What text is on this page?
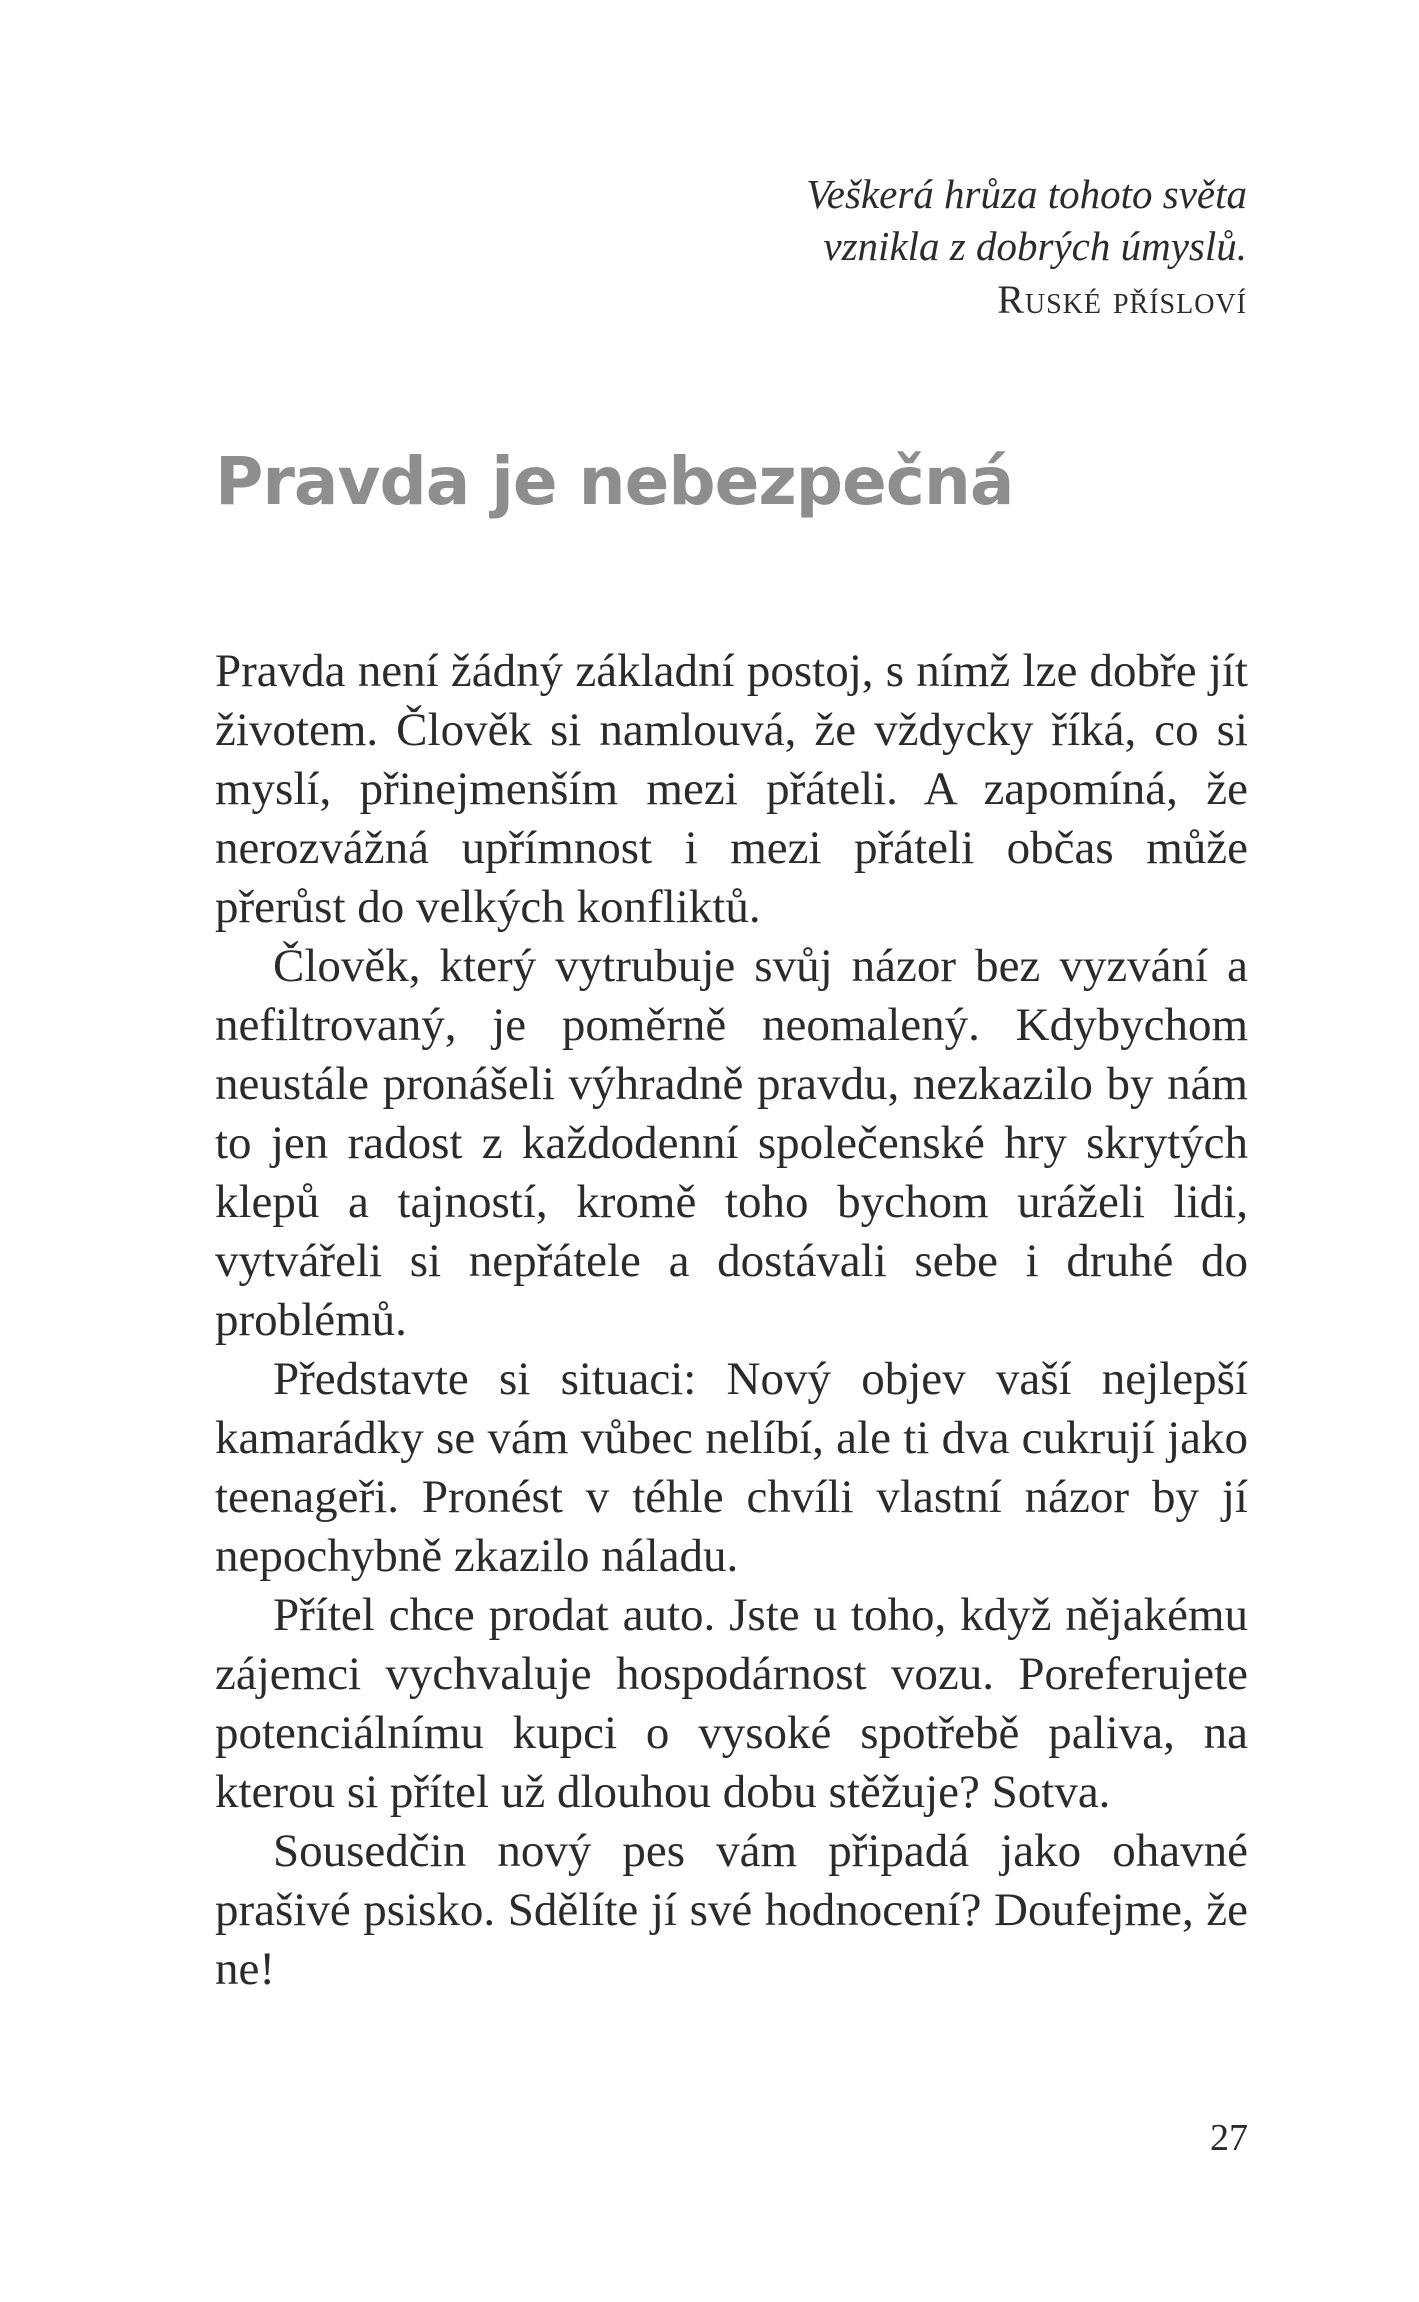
Veškerá hrůza tohoto světa
vznikla z dobrých úmyslů.
Ruské přísloví
Pravda je nebezpečná

Pravda není žádný základní postoj, s nímž lze dobře jít životem. Člověk si namlouvá, že vždycky říká, co si myslí, přinejmenším mezi přáteli. A zapomíná, že nerozvážná upřímnost i mezi přáteli občas může přerůst do velkých konfliktů.

Člověk, který vytrubuje svůj názor bez vyzvání a nefiltrovaný, je poměrně neomalený. Kdybychom neustále pronášeli výhradně pravdu, nezkazilo by nám to jen radost z každodenní společenské hry skrytých klepů a tajností, kromě toho bychom uráželi lidi, vytvářeli si nepřátele a dostávali sebe i druhé do problémů.

Představte si situaci: Nový objev vaší nejlepší kamarádky se vám vůbec nelíbí, ale ti dva cukrují jako teenageři. Pronést v téhle chvíli vlastní názor by jí nepochybně zkazilo náladu.

Přítel chce prodat auto. Jste u toho, když nějakému zájemci vychvaluje hospodárnost vozu. Poreferujete potenciálnímu kupci o vysoké spotřebě paliva, na kterou si přítel už dlouhou dobu stěžuje? Sotva.

Sousedčin nový pes vám připadá jako ohavné prašivé psisko. Sdělíte jí své hodnocení? Doufejme, že ne!

27
